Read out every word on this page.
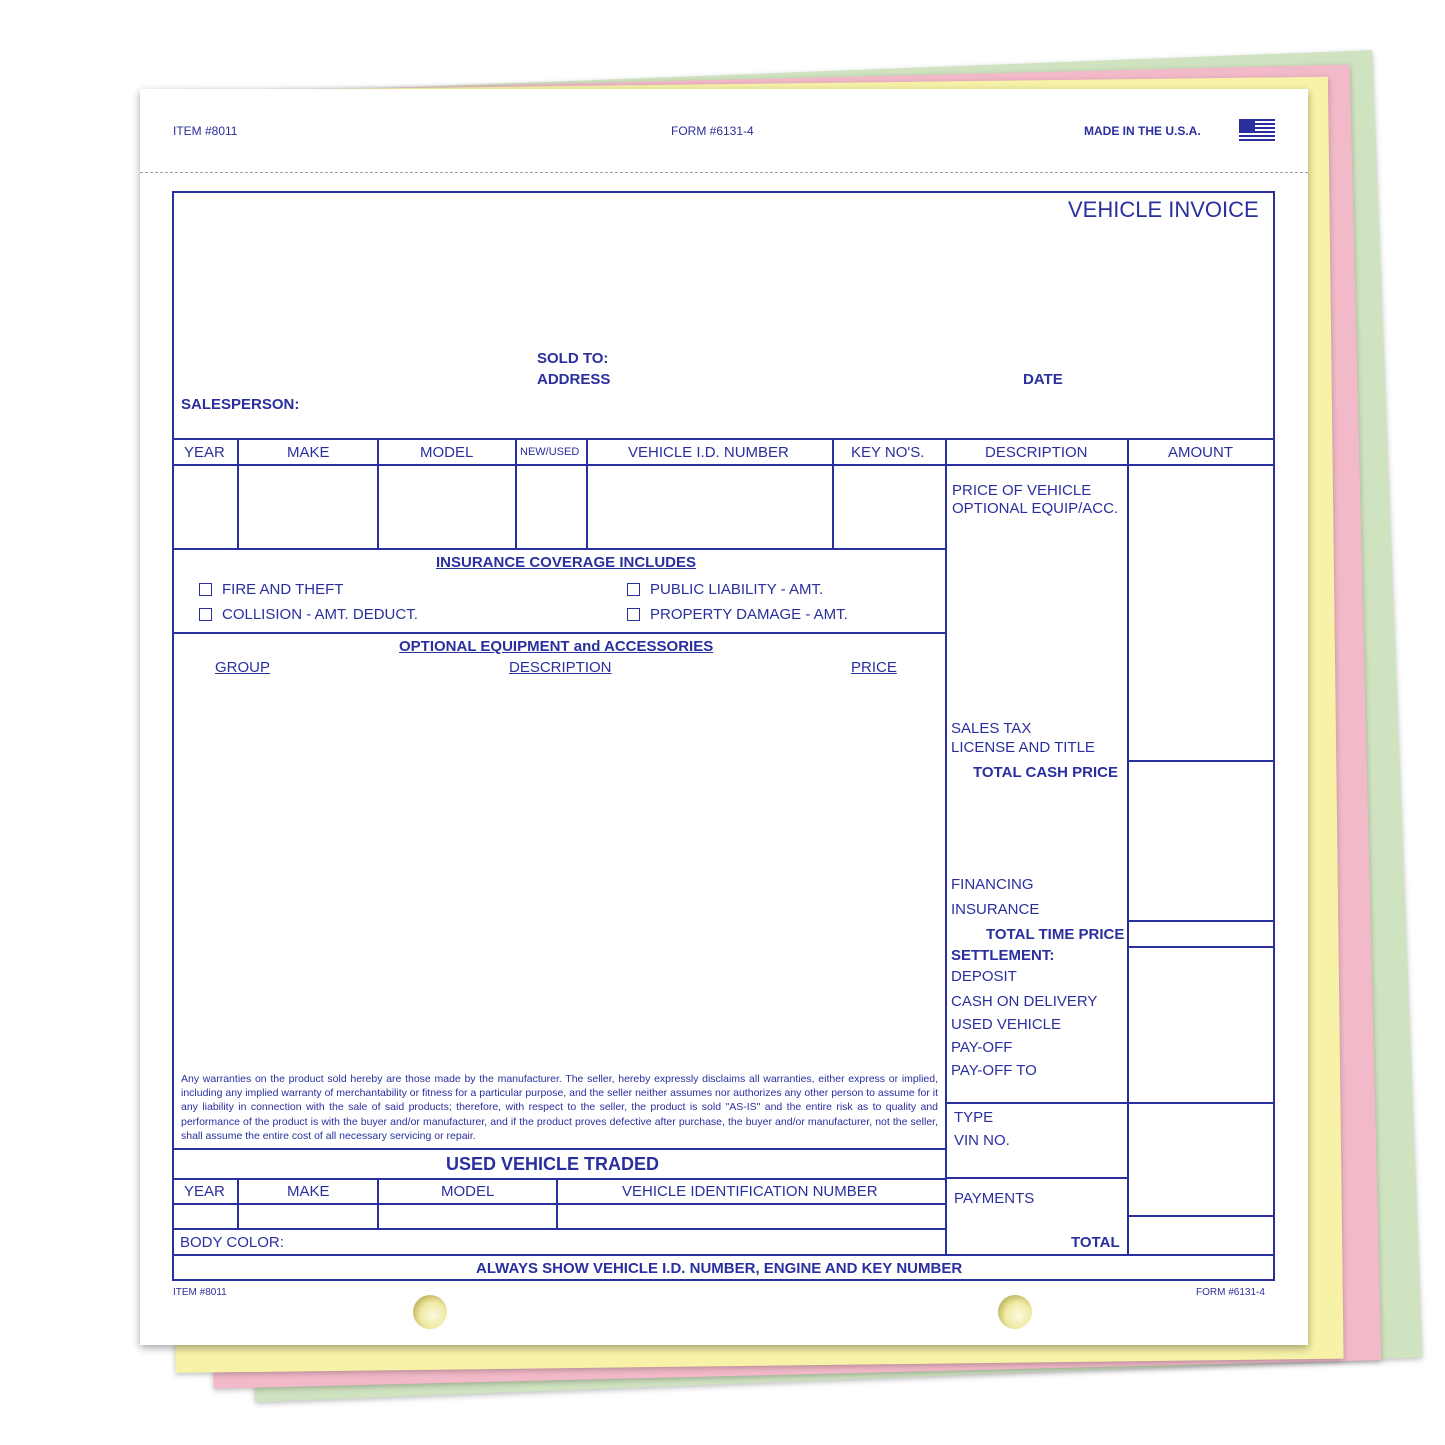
ITEM #8011	FORM #6131-4	MADE IN THE U.S.A.
VEHICLE INVOICE
SOLD TO:
ADDRESS	DATE
SALESPERSON:
YEAR	MAKE	MODEL	NEW/USED	VEHICLE I.D. NUMBER	KEY NO'S.	DESCRIPTION	AMOUNT
INSURANCE COVERAGE INCLUDES
FIRE AND THEFT
COLLISION - AMT. DEDUCT.
PUBLIC LIABILITY - AMT.
PROPERTY DAMAGE - AMT.
OPTIONAL EQUIPMENT and ACCESSORIES
GROUP	DESCRIPTION	PRICE
PRICE OF VEHICLE
OPTIONAL EQUIP/ACC.
SALES TAX
LICENSE AND TITLE
TOTAL CASH PRICE
FINANCING
INSURANCE
TOTAL TIME PRICE
SETTLEMENT:
DEPOSIT
CASH ON DELIVERY
USED VEHICLE
PAY-OFF
PAY-OFF TO
TYPE
VIN NO.
PAYMENTS
TOTAL
Any warranties on the product sold hereby are those made by the manufacturer. The seller, hereby expressly disclaims all warranties, either express or implied, including any implied warranty of merchantability or fitness for a particular purpose, and the seller neither assumes nor authorizes any other person to assume for it any liability in connection with the sale of said products; therefore, with respect to the seller, the product is sold "AS-IS" and the entire risk as to quality and performance of the product is with the buyer and/or manufacturer, and if the product proves defective after purchase, the buyer and/or manufacturer, not the seller, shall assume the entire cost of all necessary servicing or repair.
USED VEHICLE TRADED
YEAR	MAKE	MODEL	VEHICLE IDENTIFICATION NUMBER
BODY COLOR:
ALWAYS SHOW VEHICLE I.D. NUMBER, ENGINE AND KEY NUMBER
ITEM #8011	FORM #6131-4
